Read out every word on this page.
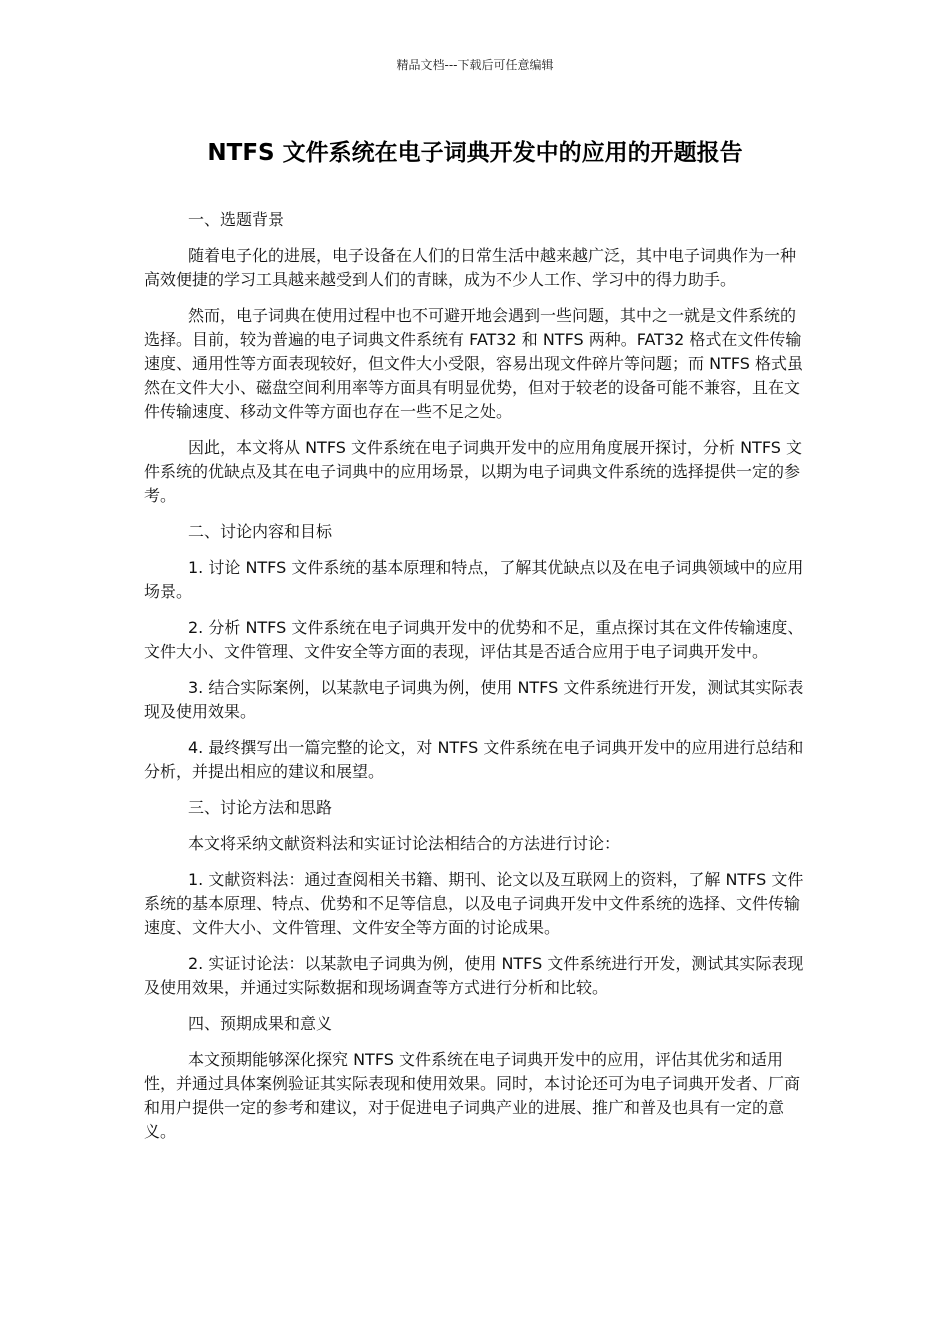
精品文档---下载后可任意编辑
NTFS 文件系统在电子词典开发中的应用的开题报告

一、选题背景

随着电子化的进展，电子设备在人们的日常生活中越来越广泛，其中电子词典作为一种高效便捷的学习工具越来越受到人们的青睐，成为不少人工作、学习中的得力助手。

然而，电子词典在使用过程中也不可避开地会遇到一些问题，其中之一就是文件系统的选择。目前，较为普遍的电子词典文件系统有 FAT32 和 NTFS 两种。FAT32 格式在文件传输速度、通用性等方面表现较好，但文件大小受限，容易出现文件碎片等问题；而 NTFS 格式虽然在文件大小、磁盘空间利用率等方面具有明显优势，但对于较老的设备可能不兼容，且在文件传输速度、移动文件等方面也存在一些不足之处。

因此，本文将从 NTFS 文件系统在电子词典开发中的应用角度展开探讨，分析 NTFS 文件系统的优缺点及其在电子词典中的应用场景，以期为电子词典文件系统的选择提供一定的参考。

二、讨论内容和目标

1. 讨论 NTFS 文件系统的基本原理和特点，了解其优缺点以及在电子词典领域中的应用场景。

2. 分析 NTFS 文件系统在电子词典开发中的优势和不足，重点探讨其在文件传输速度、文件大小、文件管理、文件安全等方面的表现，评估其是否适合应用于电子词典开发中。

3. 结合实际案例，以某款电子词典为例，使用 NTFS 文件系统进行开发，测试其实际表现及使用效果。

4. 最终撰写出一篇完整的论文，对 NTFS 文件系统在电子词典开发中的应用进行总结和分析，并提出相应的建议和展望。

三、讨论方法和思路

本文将采纳文献资料法和实证讨论法相结合的方法进行讨论：

1. 文献资料法：通过查阅相关书籍、期刊、论文以及互联网上的资料，了解 NTFS 文件系统的基本原理、特点、优势和不足等信息，以及电子词典开发中文件系统的选择、文件传输速度、文件大小、文件管理、文件安全等方面的讨论成果。

2. 实证讨论法：以某款电子词典为例，使用 NTFS 文件系统进行开发，测试其实际表现及使用效果，并通过实际数据和现场调查等方式进行分析和比较。

四、预期成果和意义

本文预期能够深化探究 NTFS 文件系统在电子词典开发中的应用，评估其优劣和适用性，并通过具体案例验证其实际表现和使用效果。同时，本讨论还可为电子词典开发者、厂商和用户提供一定的参考和建议，对于促进电子词典产业的进展、推广和普及也具有一定的意义。
